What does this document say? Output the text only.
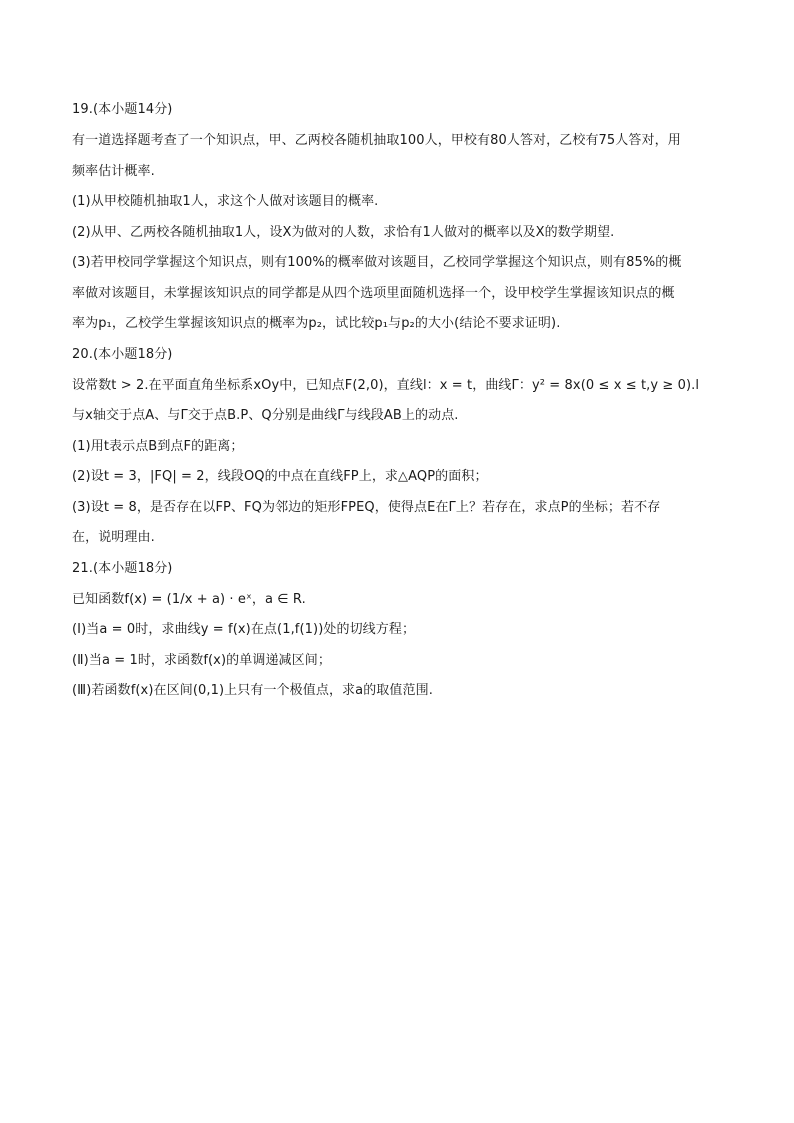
19.(本小题14分)
有一道选择题考查了一个知识点，甲、乙两校各随机抽取100人，甲校有80人答对，乙校有75人答对，用
频率估计概率.
(1)从甲校随机抽取1人，求这个人做对该题目的概率.
(2)从甲、乙两校各随机抽取1人，设X为做对的人数，求恰有1人做对的概率以及X的数学期望.
(3)若甲校同学掌握这个知识点，则有100%的概率做对该题目，乙校同学掌握这个知识点，则有85%的概
率做对该题目，未掌握该知识点的同学都是从四个选项里面随机选择一个，设甲校学生掌握该知识点的概
率为p₁，乙校学生掌握该知识点的概率为p₂，试比较p₁与p₂的大小(结论不要求证明).
20.(本小题18分)
设常数t > 2.在平面直角坐标系xOy中，已知点F(2,0)，直线l：x = t，曲线Γ：y² = 8x(0 ≤ x ≤ t,y ≥ 0).l
与x轴交于点A、与Γ交于点B.P、Q分别是曲线Γ与线段AB上的动点.
(1)用t表示点B到点F的距离；
(2)设t = 3，|FQ| = 2，线段OQ的中点在直线FP上，求△AQP的面积；
(3)设t = 8，是否存在以FP、FQ为邻边的矩形FPEQ，使得点E在Γ上？若存在，求点P的坐标；若不存
在，说明理由.
21.(本小题18分)
已知函数f(x) = (1/x + a) · eˣ，a ∈ R.
(Ⅰ)当a = 0时，求曲线y = f(x)在点(1,f(1))处的切线方程；
(Ⅱ)当a = 1时，求函数f(x)的单调递减区间；
(Ⅲ)若函数f(x)在区间(0,1)上只有一个极值点，求a的取值范围.
